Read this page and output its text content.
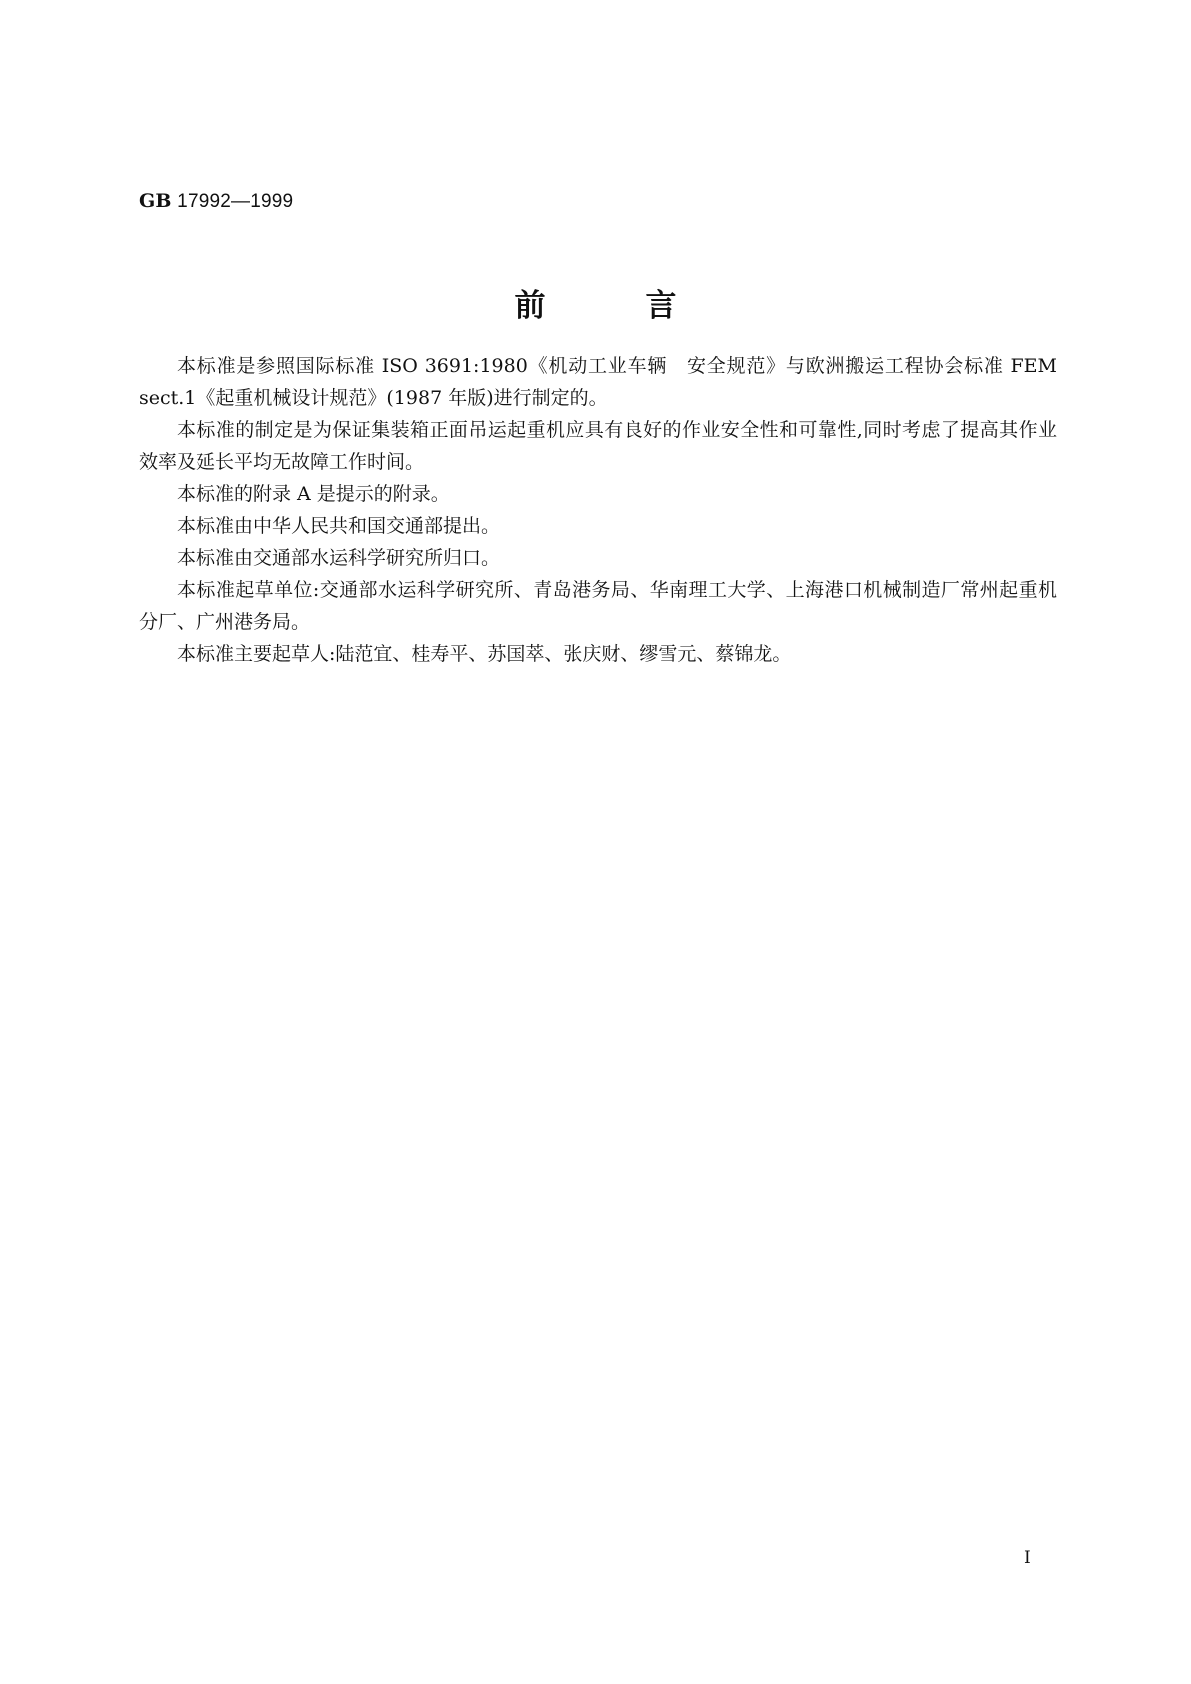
GB 17992—1999
前	言

本标准是参照国际标准 ISO 3691:1980《机动工业车辆　安全规范》与欧洲搬运工程协会标准 FEM sect.1《起重机械设计规范》(1987 年版)进行制定的。

本标准的制定是为保证集装箱正面吊运起重机应具有良好的作业安全性和可靠性,同时考虑了提高其作业效率及延长平均无故障工作时间。

本标准的附录 A 是提示的附录。

本标准由中华人民共和国交通部提出。

本标准由交通部水运科学研究所归口。

本标准起草单位:交通部水运科学研究所、青岛港务局、华南理工大学、上海港口机械制造厂常州起重机分厂、广州港务局。

本标准主要起草人:陆范宜、桂寿平、苏国萃、张庆财、缪雪元、蔡锦龙。

I
